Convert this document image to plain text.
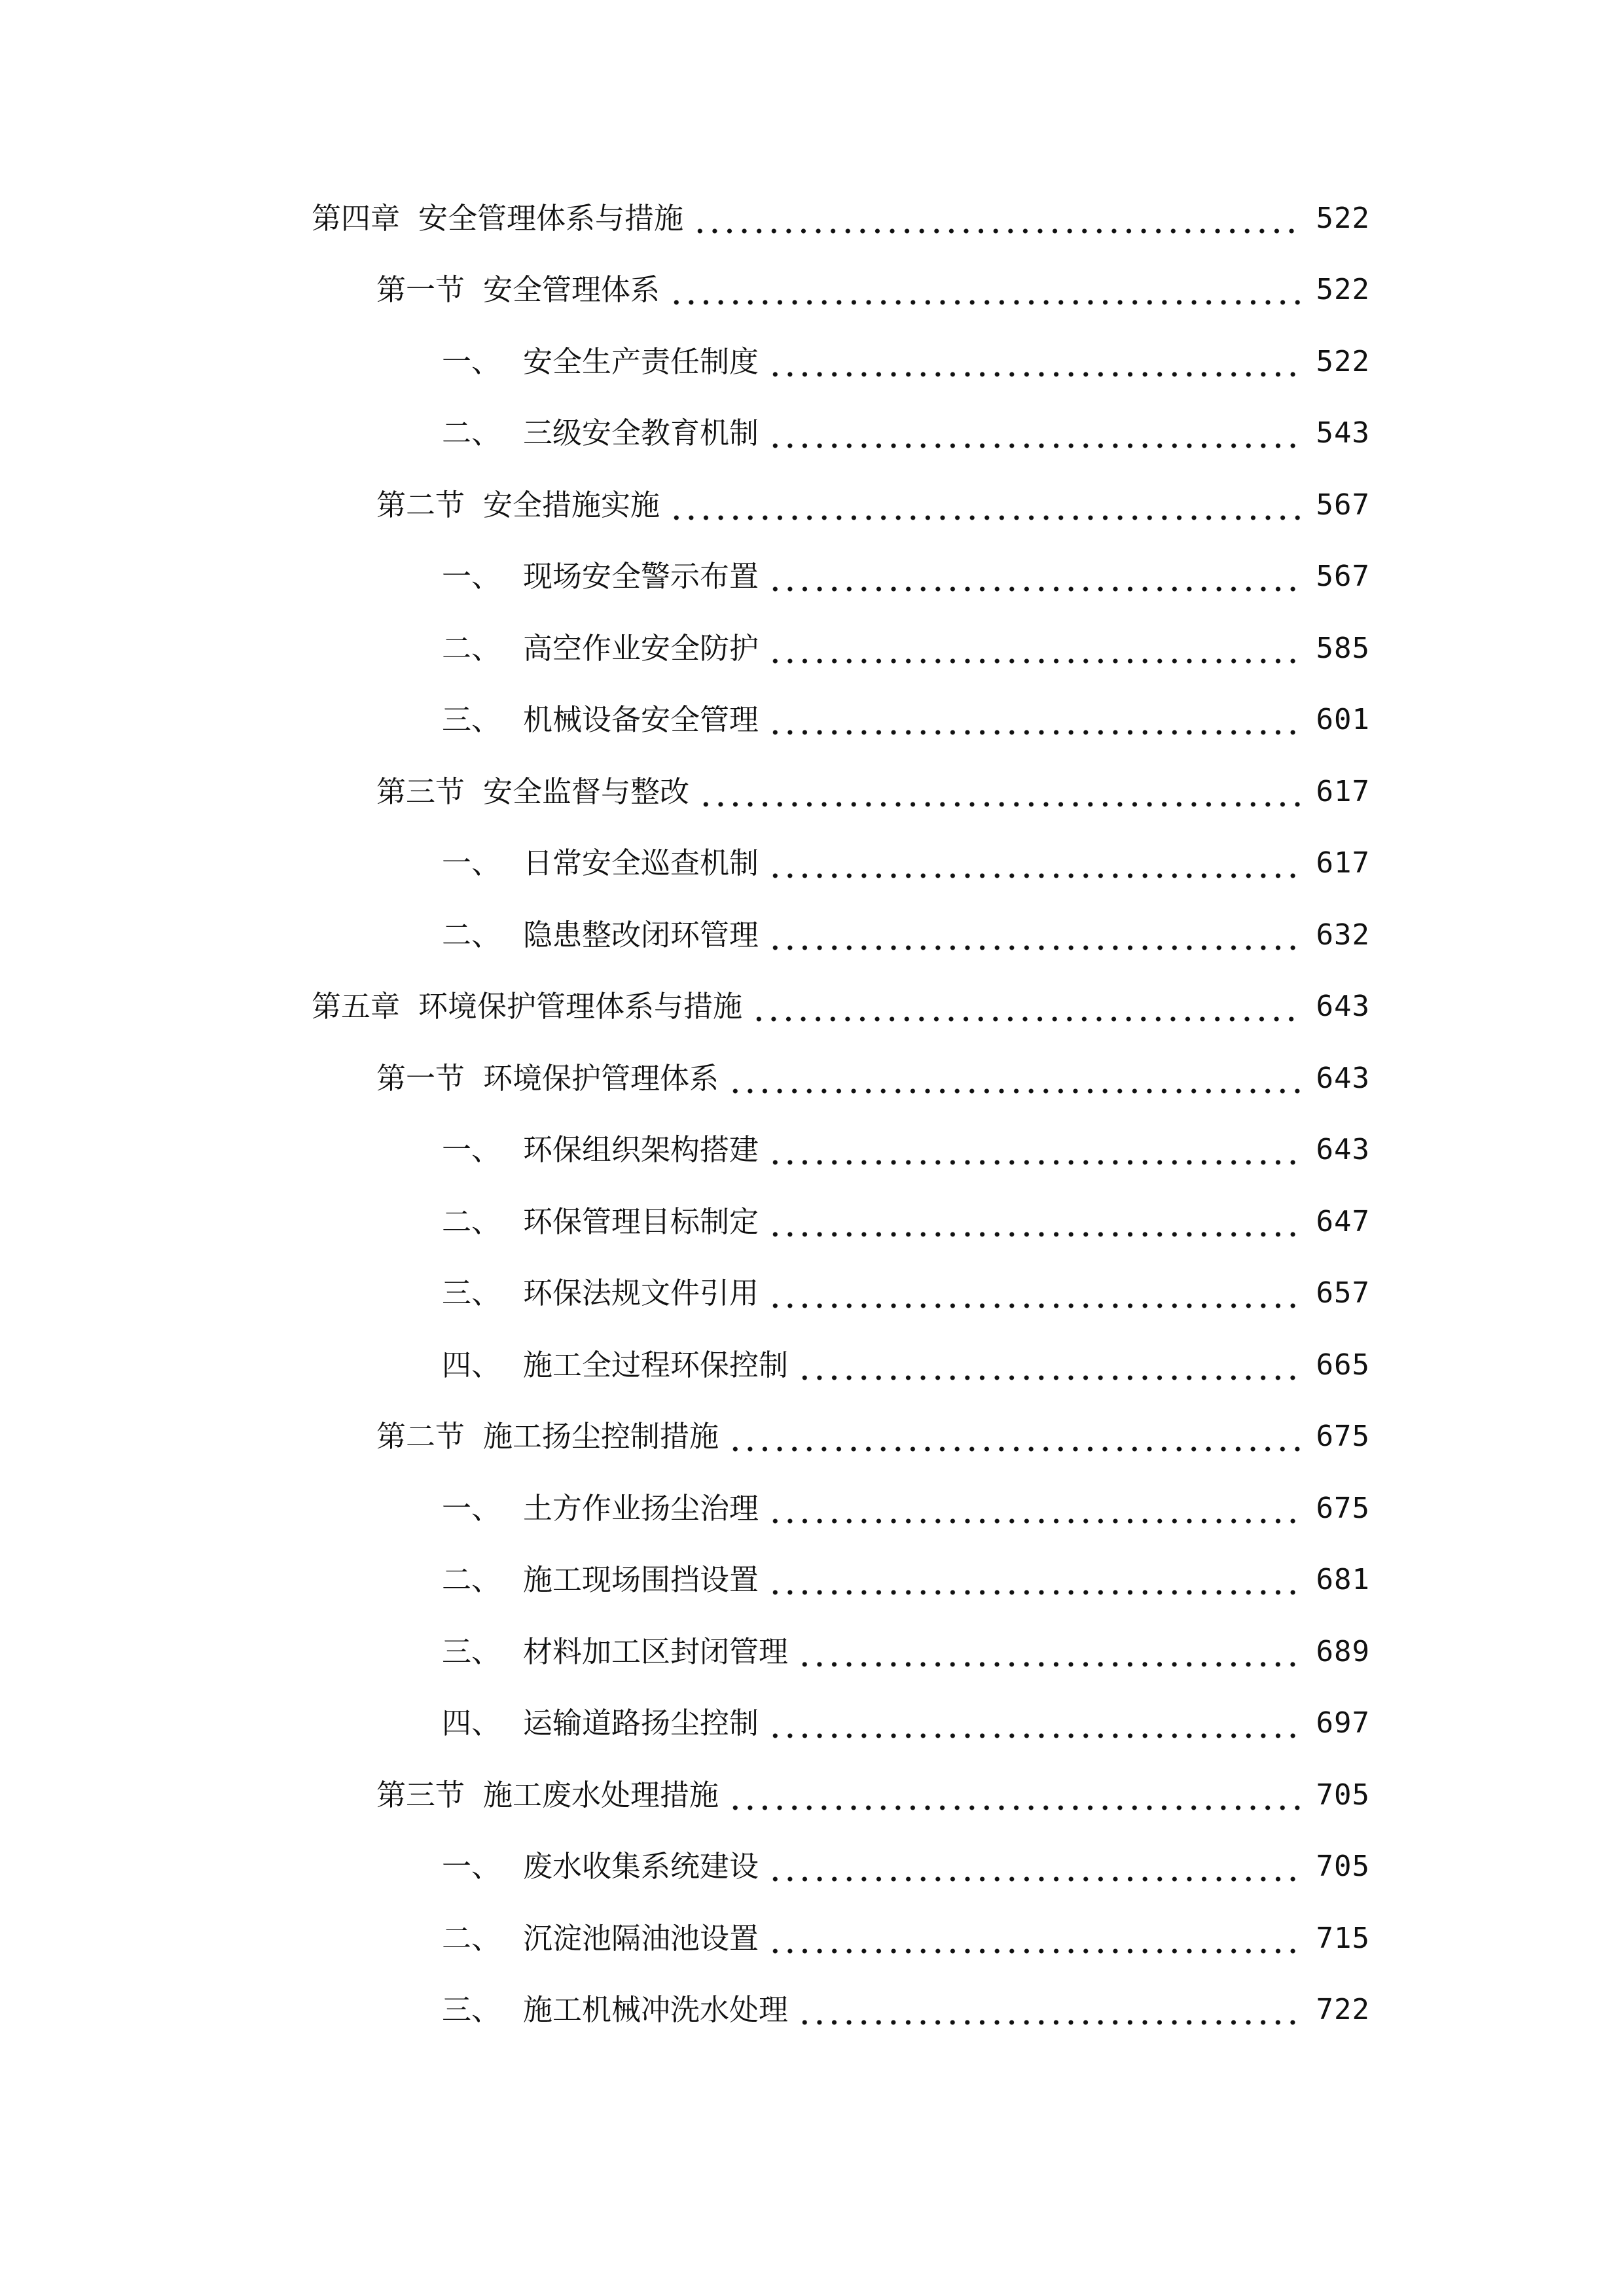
第四章 安全管理体系与措施	522
第一节 安全管理体系	522
一、 安全生产责任制度	522
二、 三级安全教育机制	543
第二节 安全措施实施	567
一、 现场安全警示布置	567
二、 高空作业安全防护	585
三、 机械设备安全管理	601
第三节 安全监督与整改	617
一、 日常安全巡查机制	617
二、 隐患整改闭环管理	632
第五章 环境保护管理体系与措施	643
第一节 环境保护管理体系	643
一、 环保组织架构搭建	643
二、 环保管理目标制定	647
三、 环保法规文件引用	657
四、 施工全过程环保控制	665
第二节 施工扬尘控制措施	675
一、 土方作业扬尘治理	675
二、 施工现场围挡设置	681
三、 材料加工区封闭管理	689
四、 运输道路扬尘控制	697
第三节 施工废水处理措施	705
一、 废水收集系统建设	705
二、 沉淀池隔油池设置	715
三、 施工机械冲洗水处理	722
